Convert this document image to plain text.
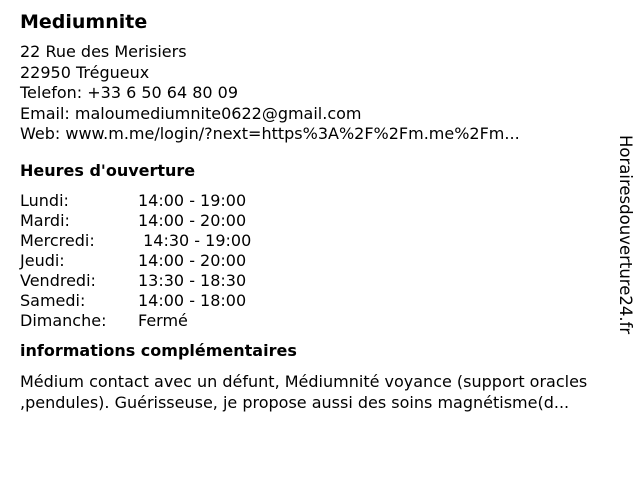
Mediumnite
22 Rue des Merisiers
22950 Trégueux
Telefon: +33 6 50 64 80 09
Email: maloumediumnite0622@gmail.com
Web: www.m.me/login/?next=https%3A%2F%2Fm.me%2Fm...
Heures d'ouverture
Lundi:	14:00 - 19:00
Mardi:	14:00 - 20:00
Mercredi:	14:30 - 19:00
Jeudi:	14:00 - 20:00
Vendredi:	13:30 - 18:30
Samedi:	14:00 - 18:00
Dimanche:	Fermé
informations complémentaires
Médium contact avec un défunt, Médiumnité voyance (support oracles
,pendules). Guérisseuse, je propose aussi des soins magnétisme(d...
Horairesdouverture24.fr
